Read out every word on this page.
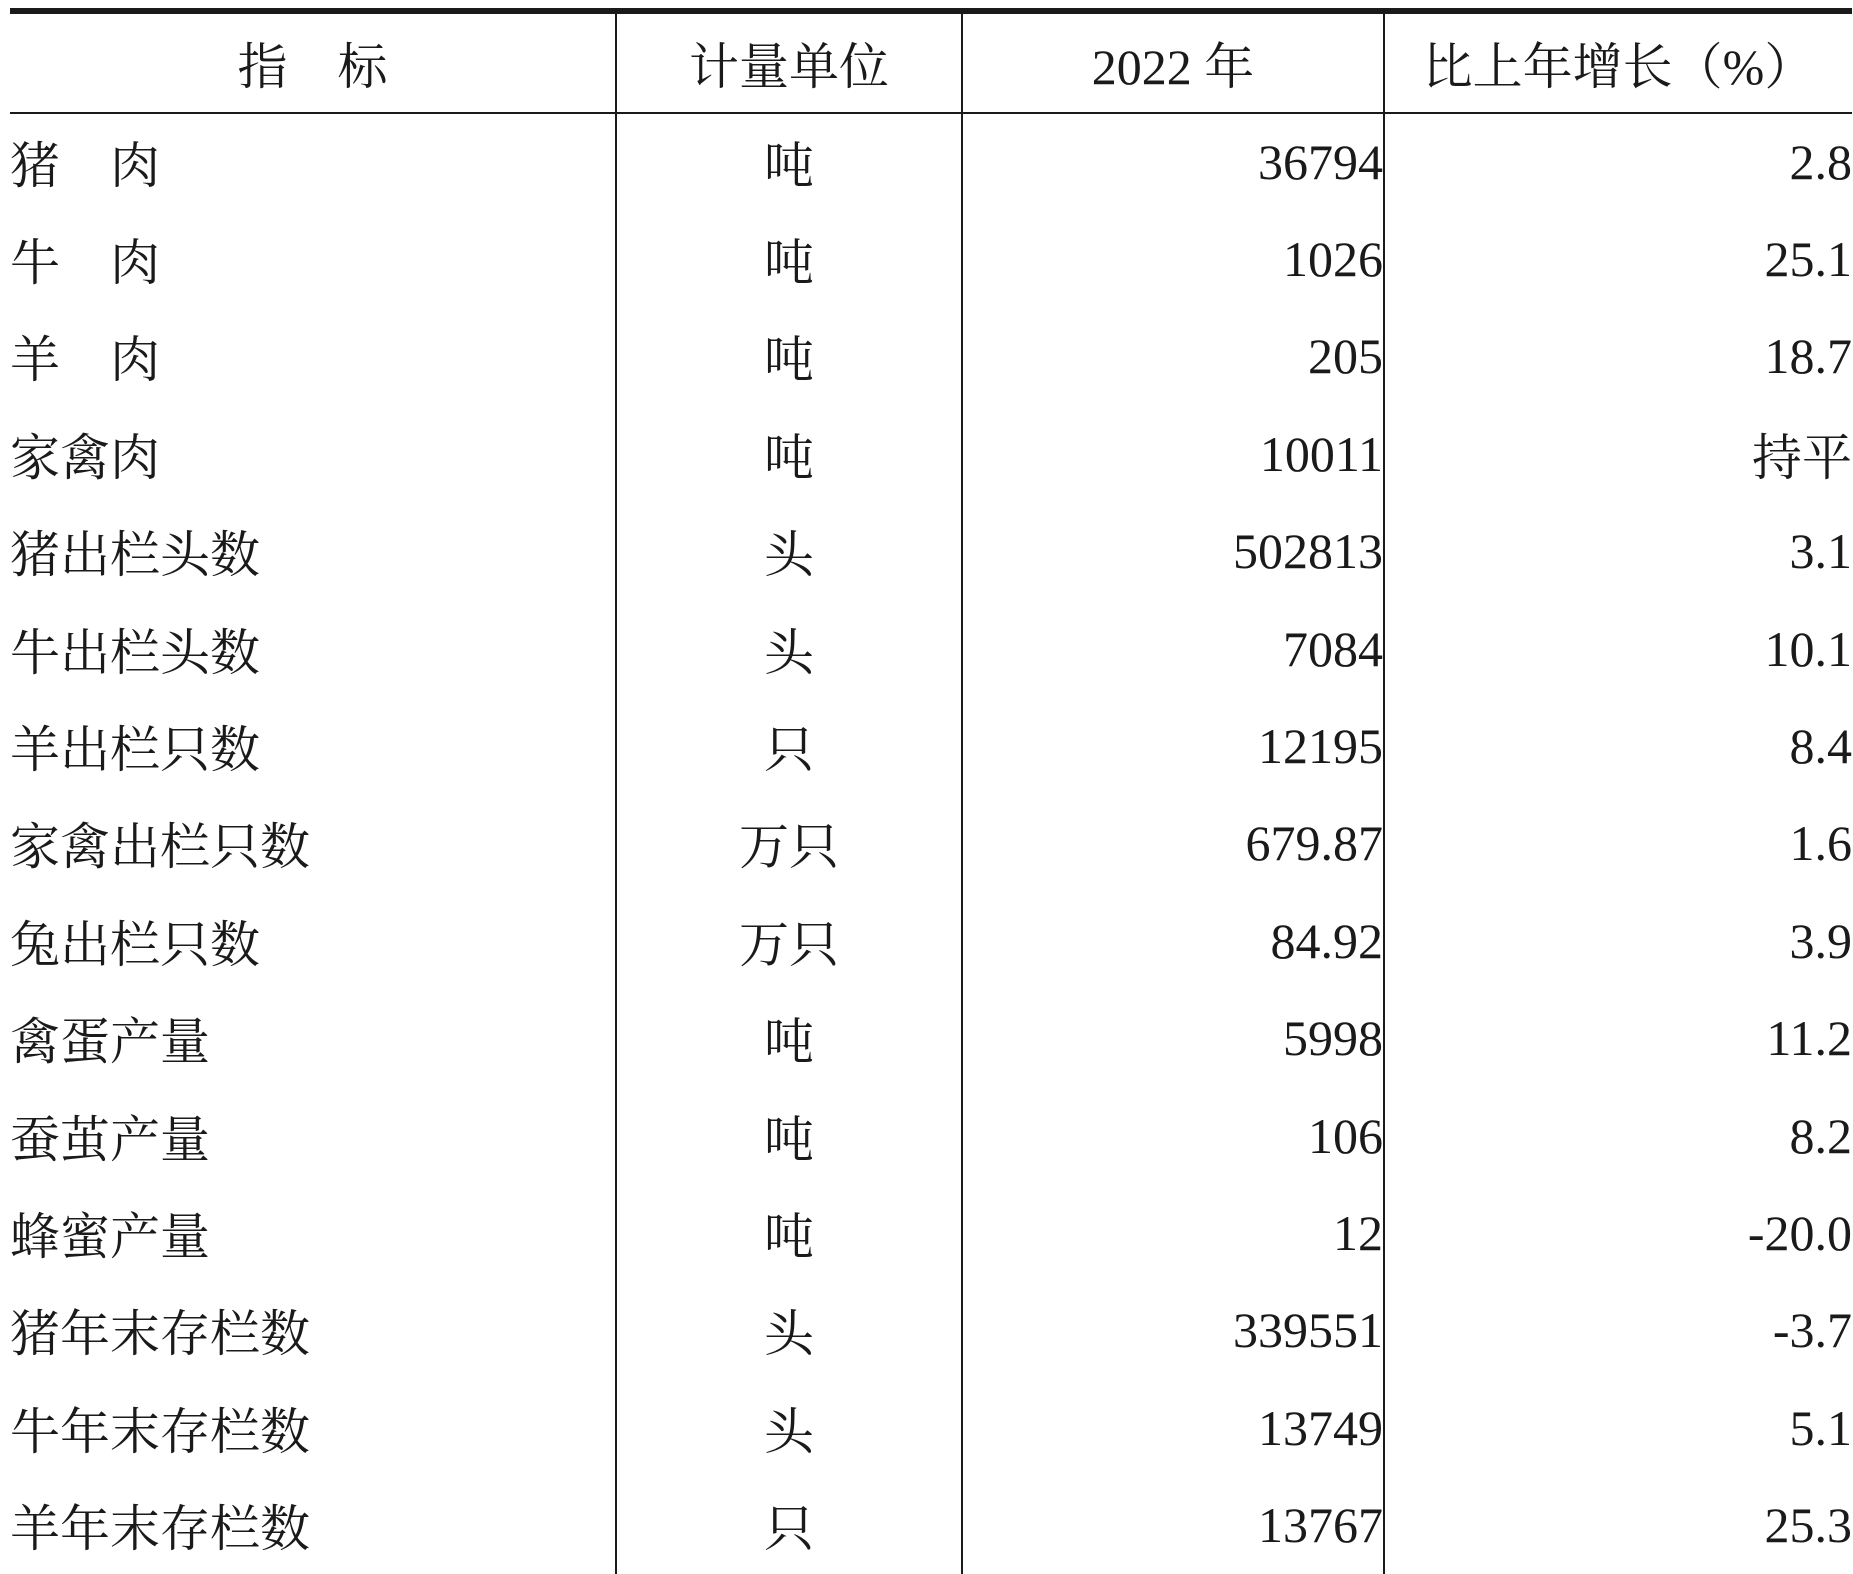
指 标	计量单位	2022 年	比上年增长（%）
猪 肉	吨	36794	2.8
牛 肉	吨	1026	25.1
羊 肉	吨	205	18.7
家禽肉	吨	10011	持平
猪出栏头数	头	502813	3.1
牛出栏头数	头	7084	10.1
羊出栏只数	只	12195	8.4
家禽出栏只数	万只	679.87	1.6
兔出栏只数	万只	84.92	3.9
禽蛋产量	吨	5998	11.2
蚕茧产量	吨	106	8.2
蜂蜜产量	吨	12	-20.0
猪年末存栏数	头	339551	-3.7
牛年末存栏数	头	13749	5.1
羊年末存栏数	只	13767	25.3
